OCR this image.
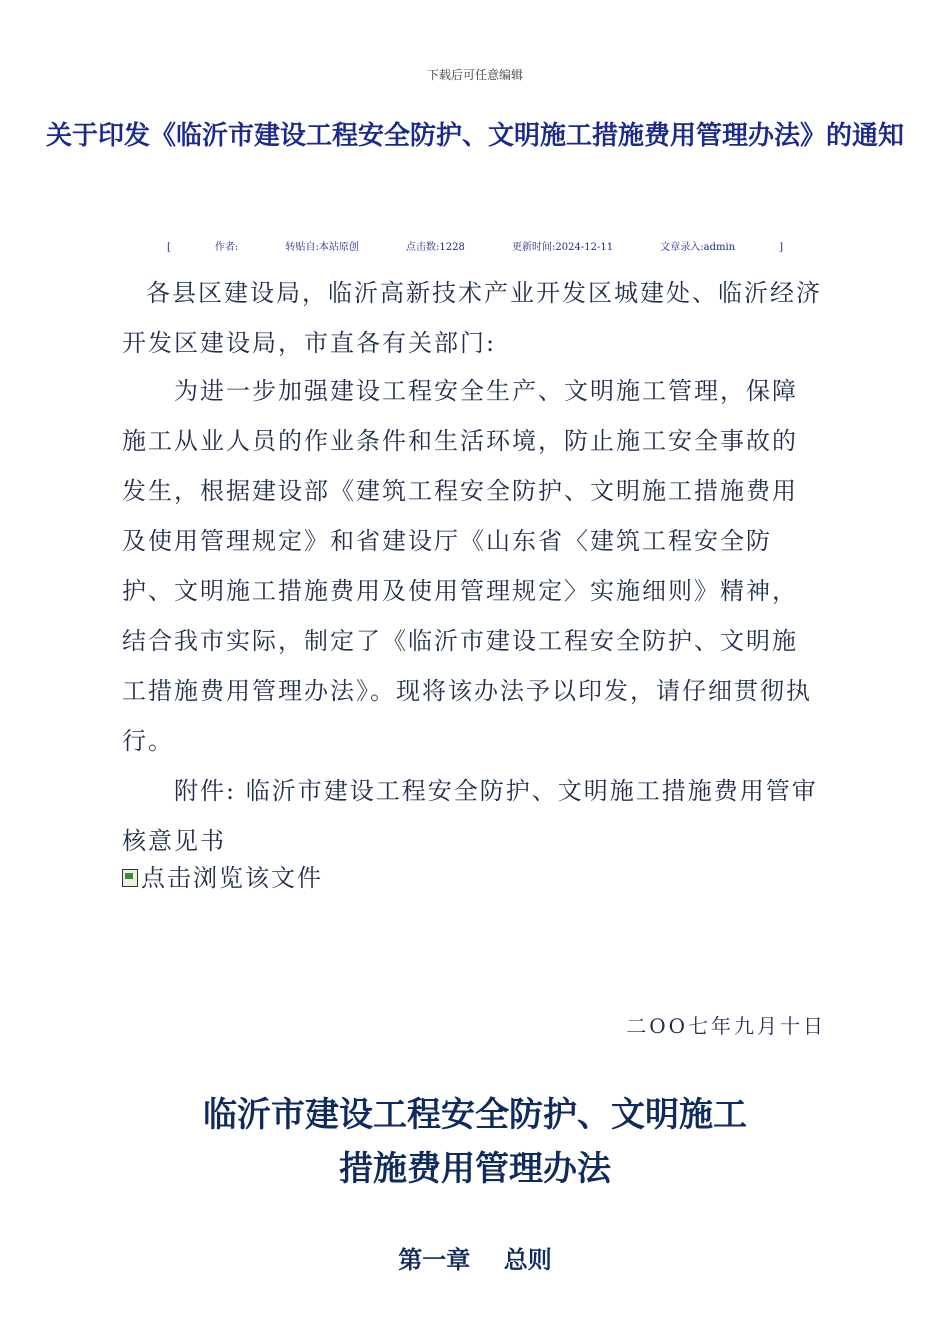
下载后可任意编辑
关于印发《临沂市建设工程安全防护、文明施工措施费用管理办法》的通知
[	作者:	转贴自:本站原创	点击数:1228	更新时间:2024-12-11	文章录入:admin	]
各县区建设局，临沂高新技术产业开发区城建处、临沂经济开发区建设局，市直各有关部门:
为进一步加强建设工程安全生产、文明施工管理，保障施工从业人员的作业条件和生活环境，防止施工安全事故的发生，根据建设部《建筑工程安全防护、文明施工措施费用及使用管理规定》和省建设厅《山东省〈建筑工程安全防护、文明施工措施费用及使用管理规定〉实施细则》精神，结合我市实际，制定了《临沂市建设工程安全防护、文明施工措施费用管理办法》。现将该办法予以印发，请仔细贯彻执行。
附件: 临沂市建设工程安全防护、文明施工措施费用管审核意见书
点击浏览该文件
二OO七年九月十日
临沂市建设工程安全防护、文明施工
措施费用管理办法
第一章    总则
